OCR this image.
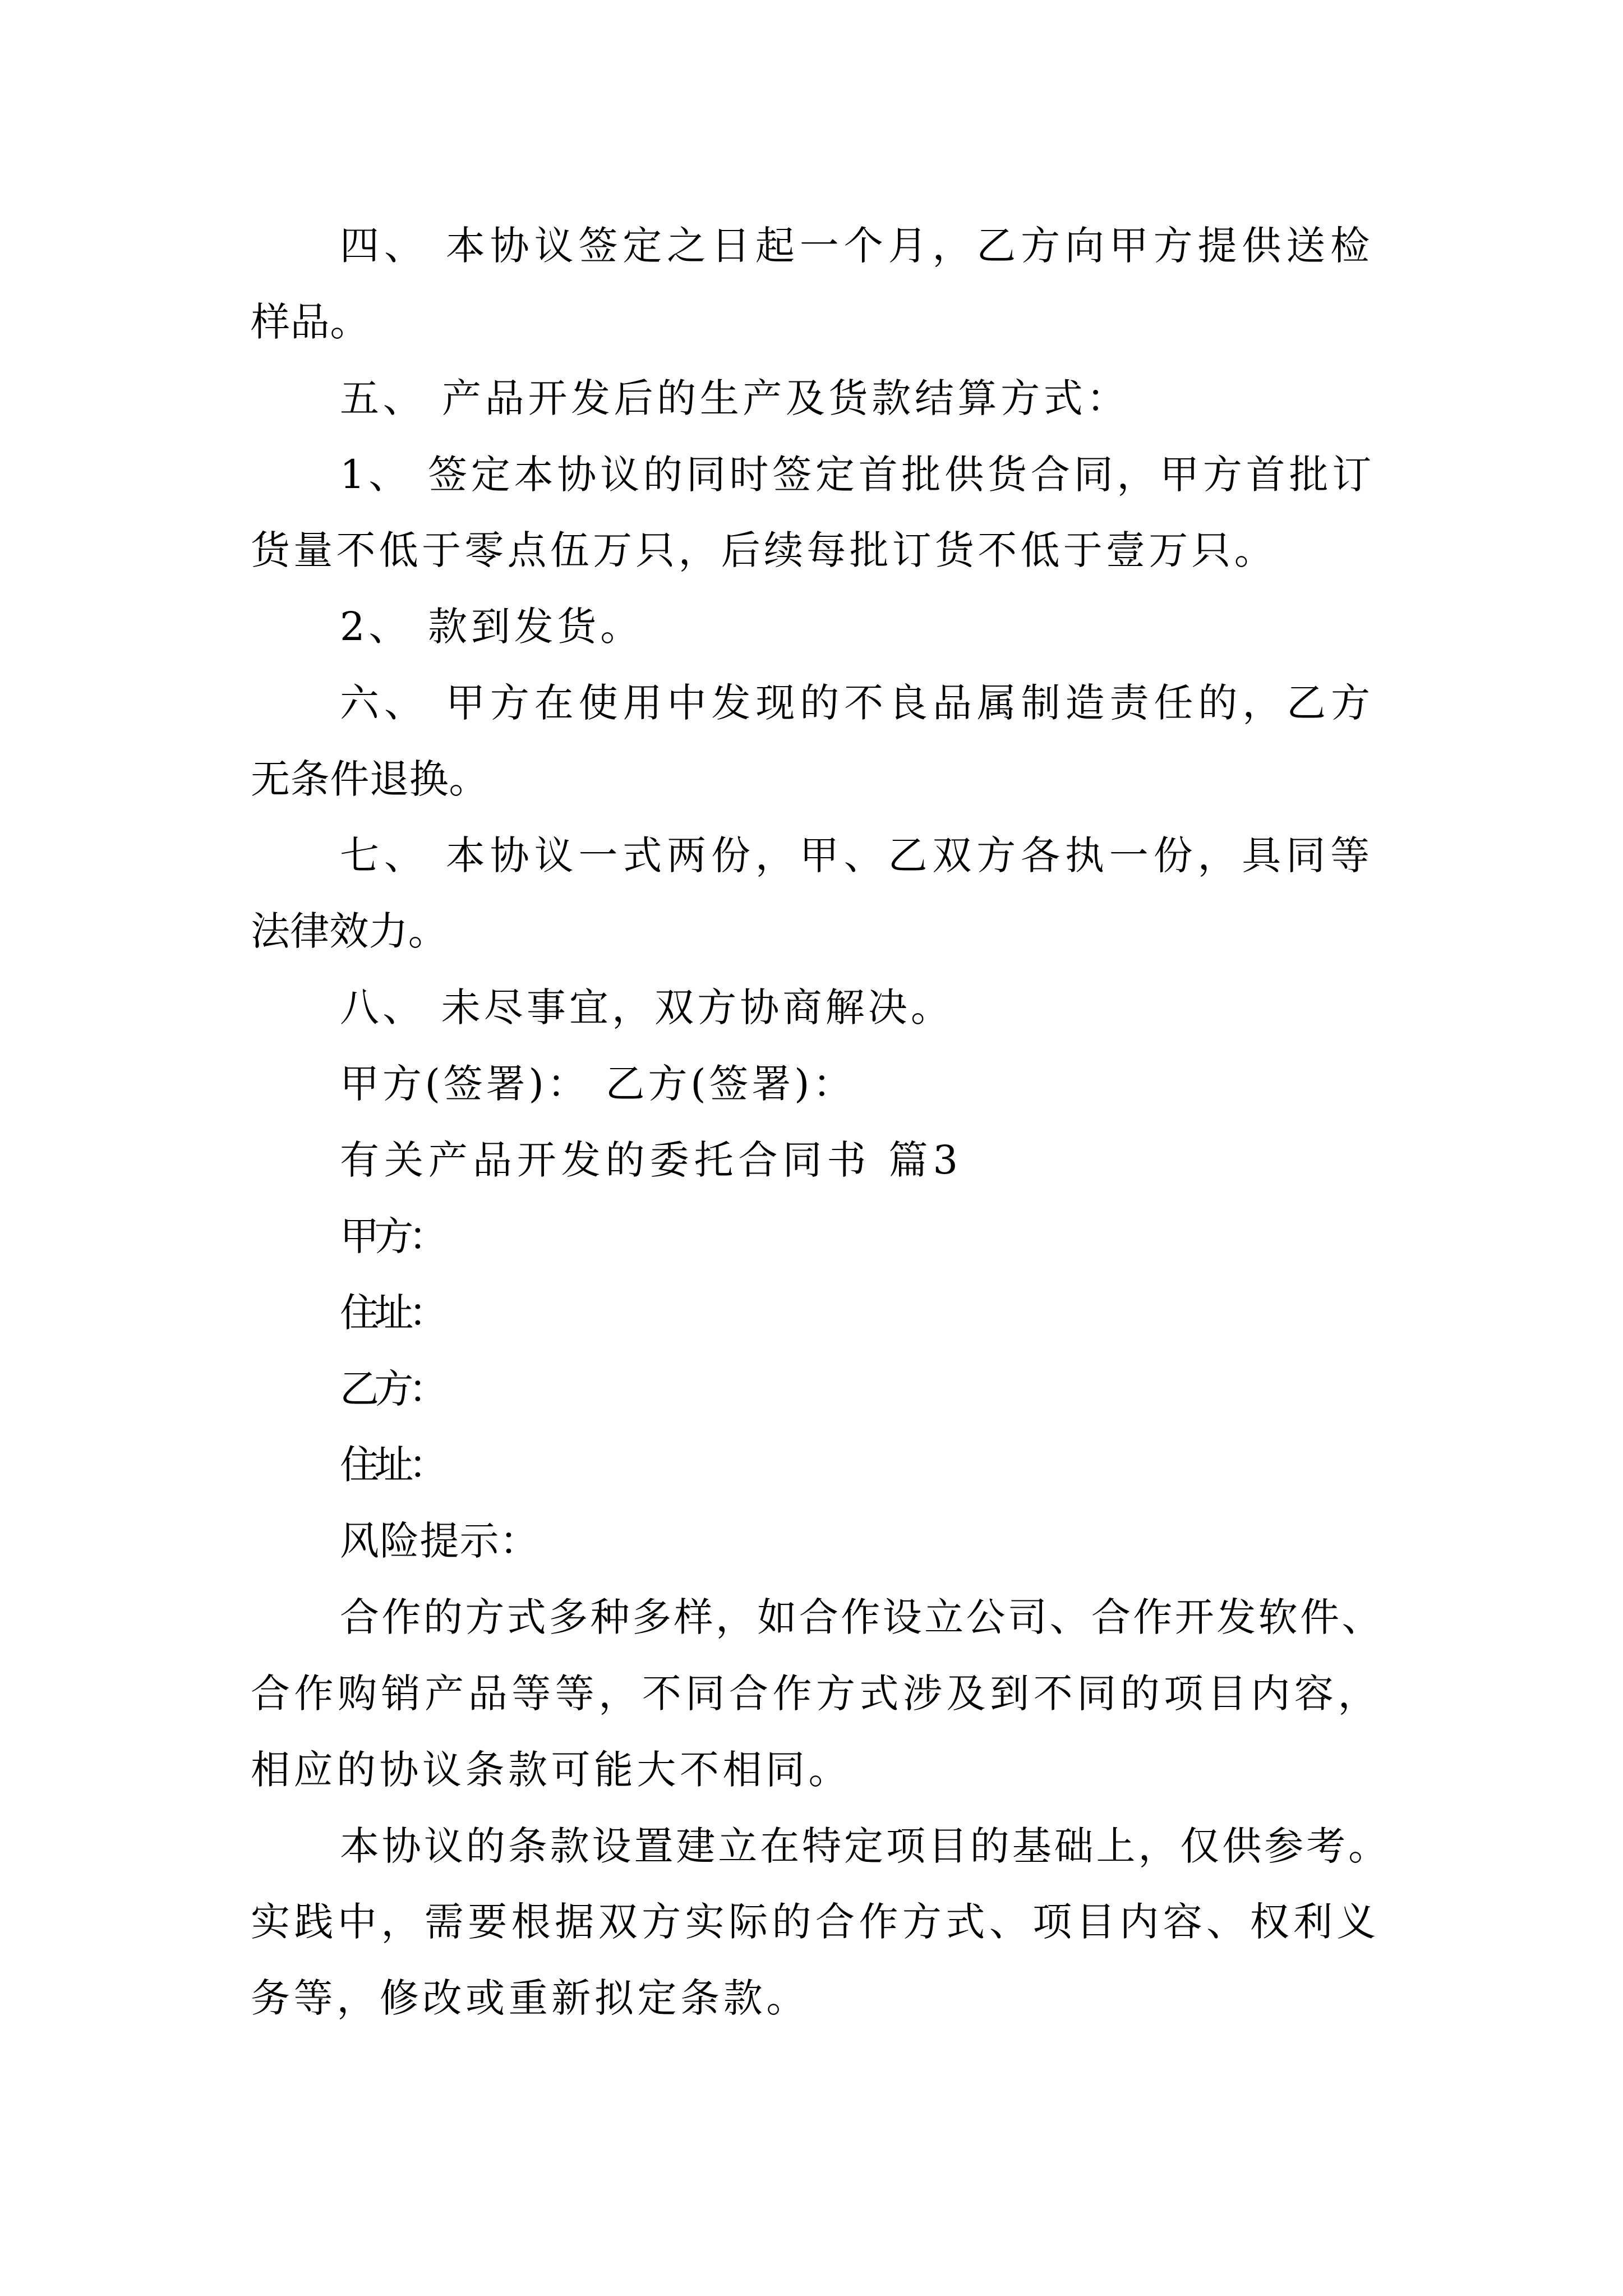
四、 本协议签定之日起一个月，乙方向甲方提供送检
样品。
五、 产品开发后的生产及货款结算方式：
1、 签定本协议的同时签定首批供货合同，甲方首批订
货量不低于零点伍万只，后续每批订货不低于壹万只。
2、 款到发货。
六、 甲方在使用中发现的不良品属制造责任的，乙方
无条件退换。
七、 本协议一式两份，甲、乙双方各执一份，具同等
法律效力。
八、 未尽事宜，双方协商解决。
甲方(签署)： 乙方(签署)：
有关产品开发的委托合同书 篇3
甲方：
住址：
乙方：
住址：
风险提示：
合作的方式多种多样，如合作设立公司、合作开发软件、
合作购销产品等等，不同合作方式涉及到不同的项目内容，
相应的协议条款可能大不相同。
本协议的条款设置建立在特定项目的基础上，仅供参考。
实践中，需要根据双方实际的合作方式、项目内容、权利义
务等，修改或重新拟定条款。
